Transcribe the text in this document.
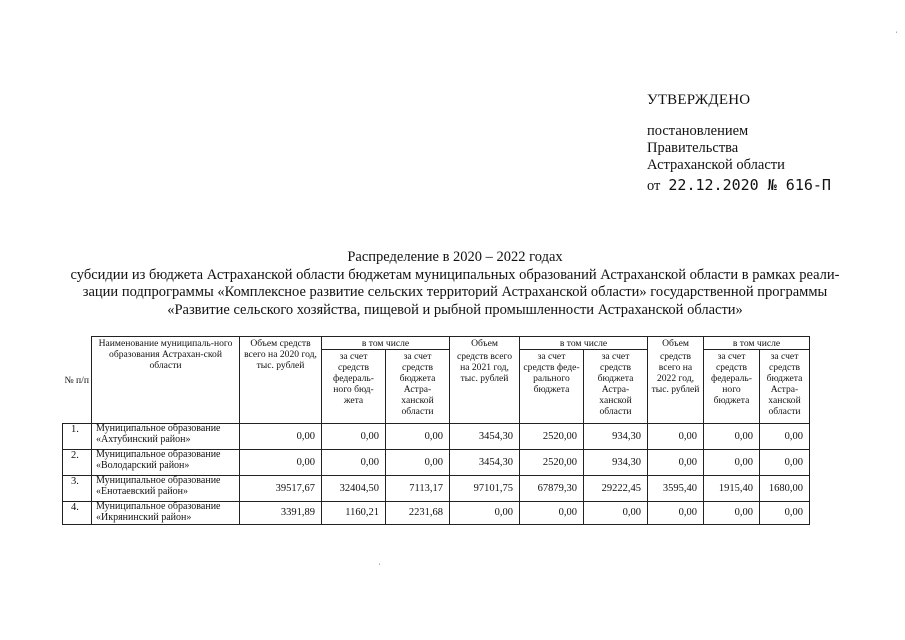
УТВЕРЖДЕНО
постановлением
Правительства
Астраханской области
от 22.12.2020 № 616-П
Распределение в 2020 – 2022 годах
субсидии из бюджета Астраханской области бюджетам муниципальных образований Астраханской области в рамках реали-
зации подпрограммы «Комплексное развитие сельских территорий Астраханской области» государственной программы
«Развитие сельского хозяйства, пищевой и рыбной промышленности Астраханской области»
№ п/п	Наименование муниципаль-ного образования Астрахан-ской области	Объем средств всего на 2020 год, тыс. рублей	в том числе		Объем	в том числе		Объем	в том числе	
			за счет средств федераль-ного бюд-жета	за счет средств бюджета Астра-ханской области	средств всего на 2021 год, тыс. рублей	за счет средств феде-рального бюджета	за счет средств бюджета Астра-ханской области	средств всего на 2022 год, тыс. рублей	за счет средств федераль-ного бюджета	за счет средств бюджета Астра-ханской области
1.	Муниципальное образование
«Ахтубинский район»	0,00	0,00	0,00	3454,30	2520,00	934,30	0,00	0,00	0,00
2.	Муниципальное образование
«Володарский район»	0,00	0,00	0,00	3454,30	2520,00	934,30	0,00	0,00	0,00
3.	Муниципальное образование
«Енотаевский район»	39517,67	32404,50	7113,17	97101,75	67879,30	29222,45	3595,40	1915,40	1680,00
4.	Муниципальное образование
«Икрянинский район»	3391,89	1160,21	2231,68	0,00	0,00	0,00	0,00	0,00	0,00
ˈ
ˈ
